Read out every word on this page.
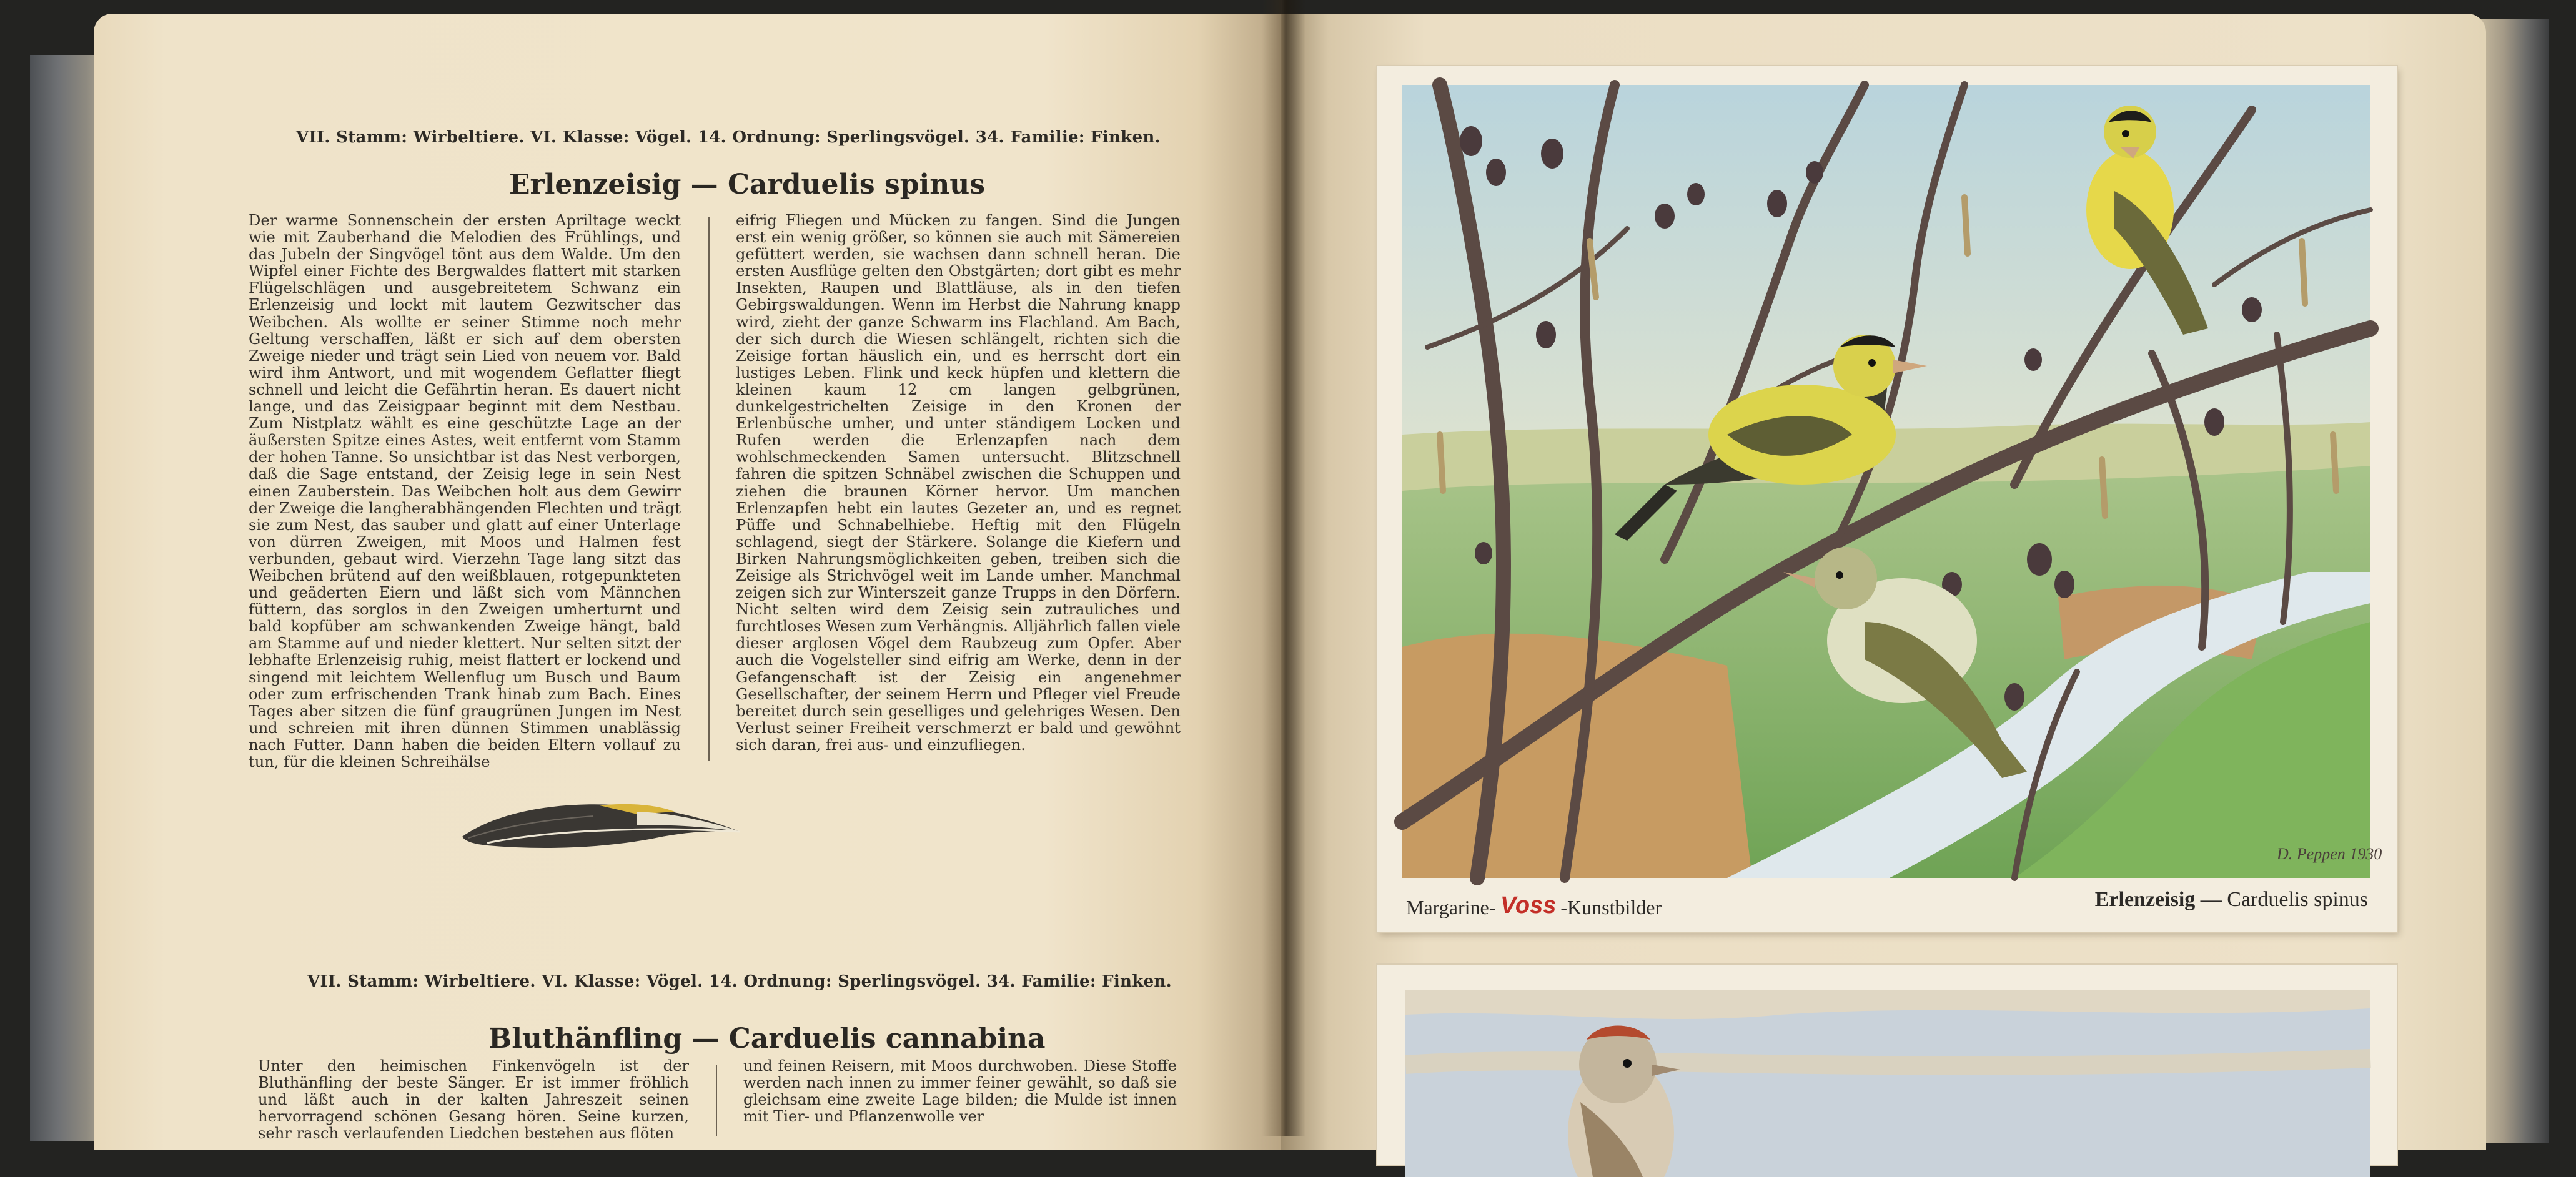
VII. Stamm: Wirbeltiere. VI. Klasse: Vögel. 14. Ordnung: Sperlingsvögel. 34. Familie: Finken.
Erlenzeisig — Carduelis spinus
Der warme Sonnenschein der ersten Apriltage weckt wie mit Zauberhand die Melodien des Frühlings, und das Jubeln der Singvögel tönt aus dem Walde. Um den Wipfel einer Fichte des Bergwaldes flattert mit starken Flügelschlägen und ausgebreitetem Schwanz ein Erlenzeisig und lockt mit lautem Gezwitscher das Weibchen. Als wollte er seiner Stimme noch mehr Geltung verschaffen, läßt er sich auf dem obersten Zweige nieder und trägt sein Lied von neuem vor. Bald wird ihm Antwort, und mit wogendem Geflatter fliegt schnell und leicht die Gefährtin heran. Es dauert nicht lange, und das Zeisigpaar beginnt mit dem Nestbau. Zum Nistplatz wählt es eine geschützte Lage an der äußersten Spitze eines Astes, weit entfernt vom Stamm der hohen Tanne. So unsichtbar ist das Nest verborgen, daß die Sage entstand, der Zeisig lege in sein Nest einen Zauberstein. Das Weibchen holt aus dem Gewirr der Zweige die langherabhängenden Flechten und trägt sie zum Nest, das sauber und glatt auf einer Unterlage von dürren Zweigen, mit Moos und Halmen fest verbunden, gebaut wird. Vierzehn Tage lang sitzt das Weibchen brütend auf den weißblauen, rotgepunkteten und geäderten Eiern und läßt sich vom Männchen füttern, das sorglos in den Zweigen umherturnt und bald kopfüber am schwankenden Zweige hängt, bald am Stamme auf und nieder klettert. Nur selten sitzt der lebhafte Erlenzeisig ruhig, meist flattert er lockend und singend mit leichtem Wellenflug um Busch und Baum oder zum erfrischenden Trank hinab zum Bach. Eines Tages aber sitzen die fünf graugrünen Jungen im Nest und schreien mit ihren dünnen Stimmen unablässig nach Futter. Dann haben die beiden Eltern vollauf zu tun, für die kleinen Schreihälse
eifrig Fliegen und Mücken zu fangen. Sind die Jungen erst ein wenig größer, so können sie auch mit Sämereien gefüttert werden, sie wachsen dann schnell heran. Die ersten Ausflüge gelten den Obstgärten; dort gibt es mehr Insekten, Raupen und Blattläuse, als in den tiefen Gebirgswaldungen. Wenn im Herbst die Nahrung knapp wird, zieht der ganze Schwarm ins Flachland. Am Bach, der sich durch die Wiesen schlängelt, richten sich die Zeisige fortan häuslich ein, und es herrscht dort ein lustiges Leben. Flink und keck hüpfen und klettern die kleinen kaum 12 cm langen gelbgrünen, dunkelgestrichelten Zeisige in den Kronen der Erlenbüsche umher, und unter ständigem Locken und Rufen werden die Erlenzapfen nach dem wohlschmeckenden Samen untersucht. Blitzschnell fahren die spitzen Schnäbel zwischen die Schuppen und ziehen die braunen Körner hervor. Um manchen Erlenzapfen hebt ein lautes Gezeter an, und es regnet Püffe und Schnabelhiebe. Heftig mit den Flügeln schlagend, siegt der Stärkere. Solange die Kiefern und Birken Nahrungsmöglichkeiten geben, treiben sich die Zeisige als Strichvögel weit im Lande umher. Manchmal zeigen sich zur Winterszeit ganze Trupps in den Dörfern. Nicht selten wird dem Zeisig sein zutrauliches und furchtloses Wesen zum Verhängnis. Alljährlich fallen viele dieser arglosen Vögel dem Raubzeug zum Opfer. Aber auch die Vogelsteller sind eifrig am Werke, denn in der Gefangenschaft ist der Zeisig ein angenehmer Gesellschafter, der seinem Herrn und Pfleger viel Freude bereitet durch sein geselliges und gelehriges Wesen. Den Verlust seiner Freiheit verschmerzt er bald und gewöhnt sich daran, frei aus- und einzufliegen.
VII. Stamm: Wirbeltiere. VI. Klasse: Vögel. 14. Ordnung: Sperlingsvögel. 34. Familie: Finken.
Bluthänfling — Carduelis cannabina
Unter den heimischen Finkenvögeln ist der Bluthänfling der beste Sänger. Er ist immer fröhlich und läßt auch in der kalten Jahreszeit seinen hervorragend schönen Gesang hören. Seine kurzen, sehr rasch verlaufenden Liedchen bestehen aus flöten
und feinen Reisern, mit Moos durchwoben. Diese Stoffe werden nach innen zu immer feiner gewählt, so daß sie gleichsam eine zweite Lage bilden; die Mulde ist innen mit Tier- und Pflanzenwolle ver
D. Peppen 1930
Margarine- Voss -Kunstbilder	Erlenzeisig — Carduelis spinus
